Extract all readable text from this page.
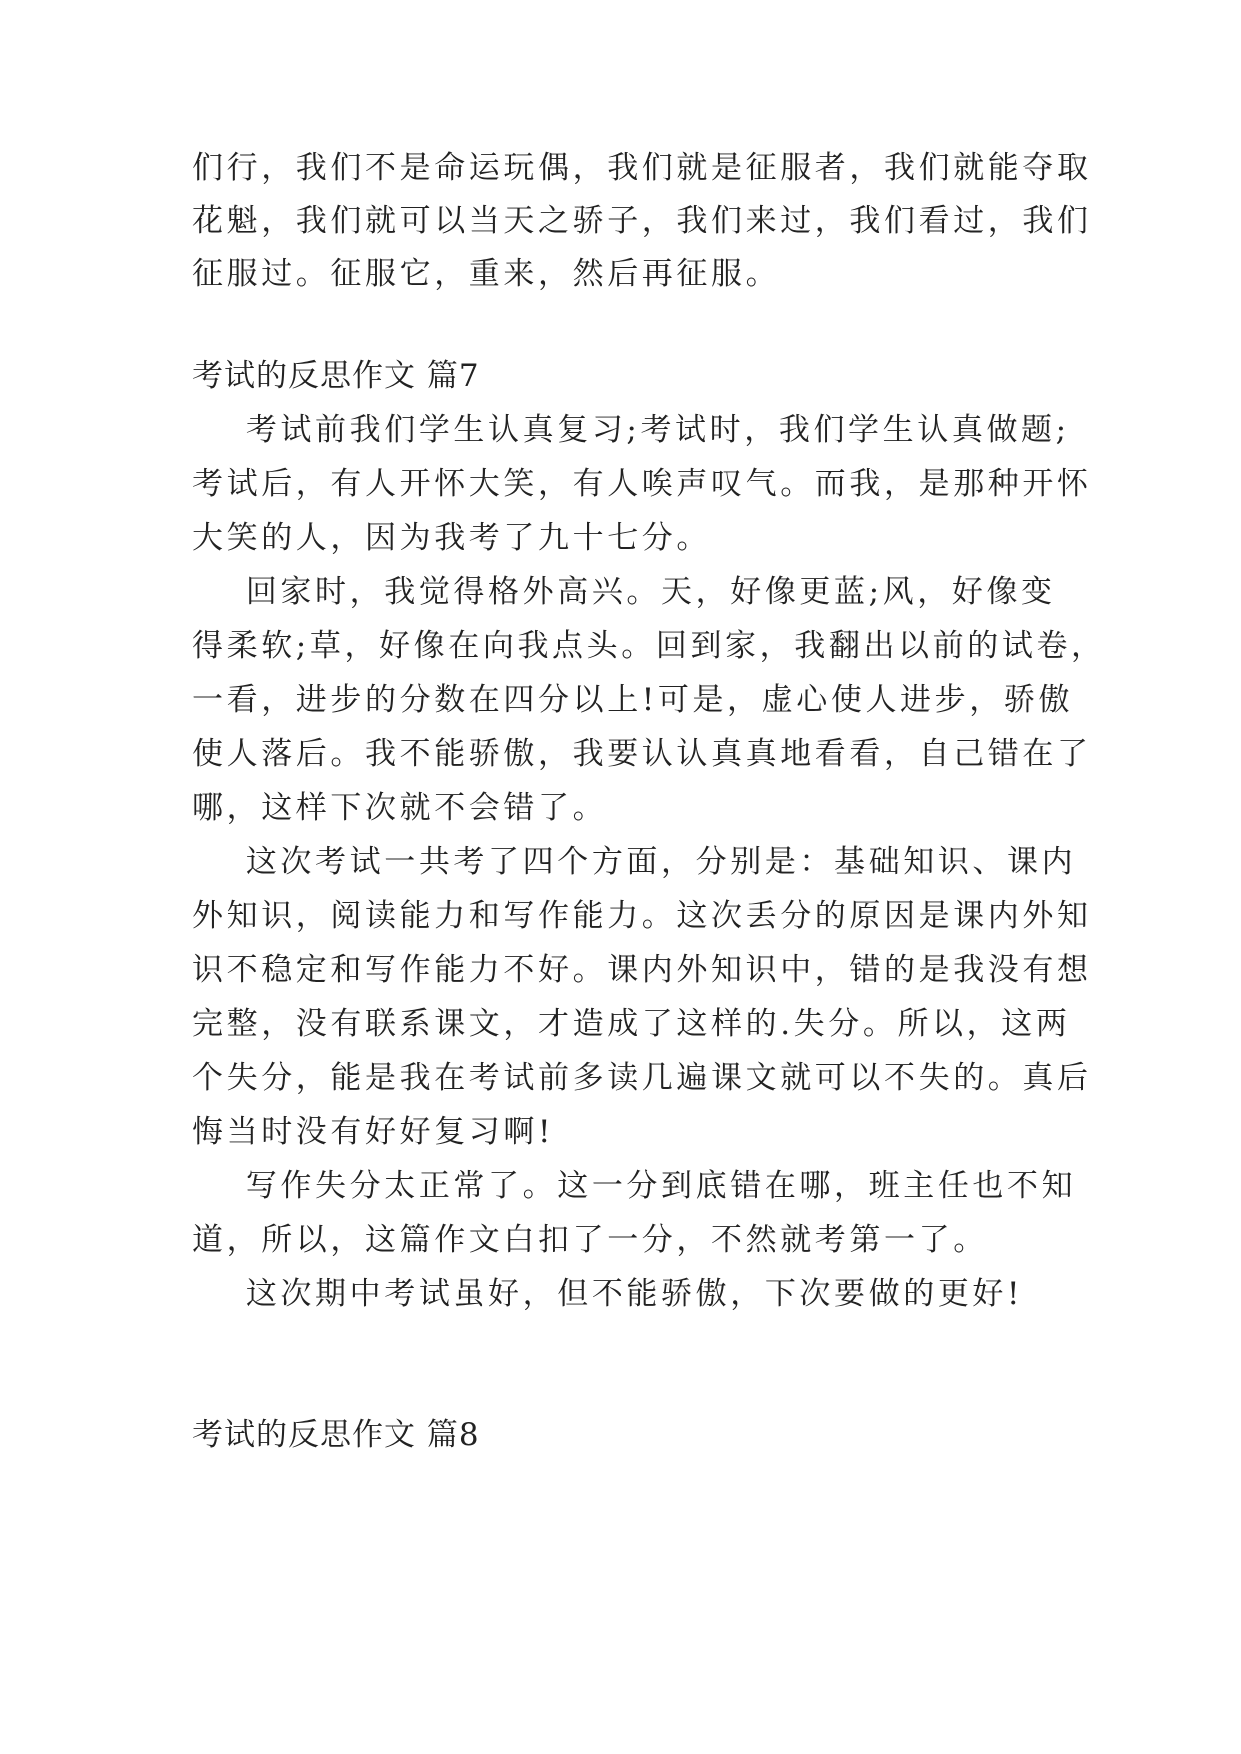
们行，我们不是命运玩偶，我们就是征服者，我们就能夺取
花魁，我们就可以当天之骄子，我们来过，我们看过，我们
征服过。征服它，重来，然后再征服。
考试的反思作文 篇7
考试前我们学生认真复习;考试时，我们学生认真做题;
考试后，有人开怀大笑，有人唉声叹气。而我，是那种开怀
大笑的人，因为我考了九十七分。
回家时，我觉得格外高兴。天，好像更蓝;风，好像变
得柔软;草，好像在向我点头。回到家，我翻出以前的试卷，
一看，进步的分数在四分以上!可是，虚心使人进步，骄傲
使人落后。我不能骄傲，我要认认真真地看看，自己错在了
哪，这样下次就不会错了。
这次考试一共考了四个方面，分别是：基础知识、课内
外知识，阅读能力和写作能力。这次丢分的原因是课内外知
识不稳定和写作能力不好。课内外知识中，错的是我没有想
完整，没有联系课文，才造成了这样的.失分。所以，这两
个失分，能是我在考试前多读几遍课文就可以不失的。真后
悔当时没有好好复习啊!
写作失分太正常了。这一分到底错在哪，班主任也不知
道，所以，这篇作文白扣了一分，不然就考第一了。
这次期中考试虽好，但不能骄傲，下次要做的更好!
考试的反思作文 篇8
